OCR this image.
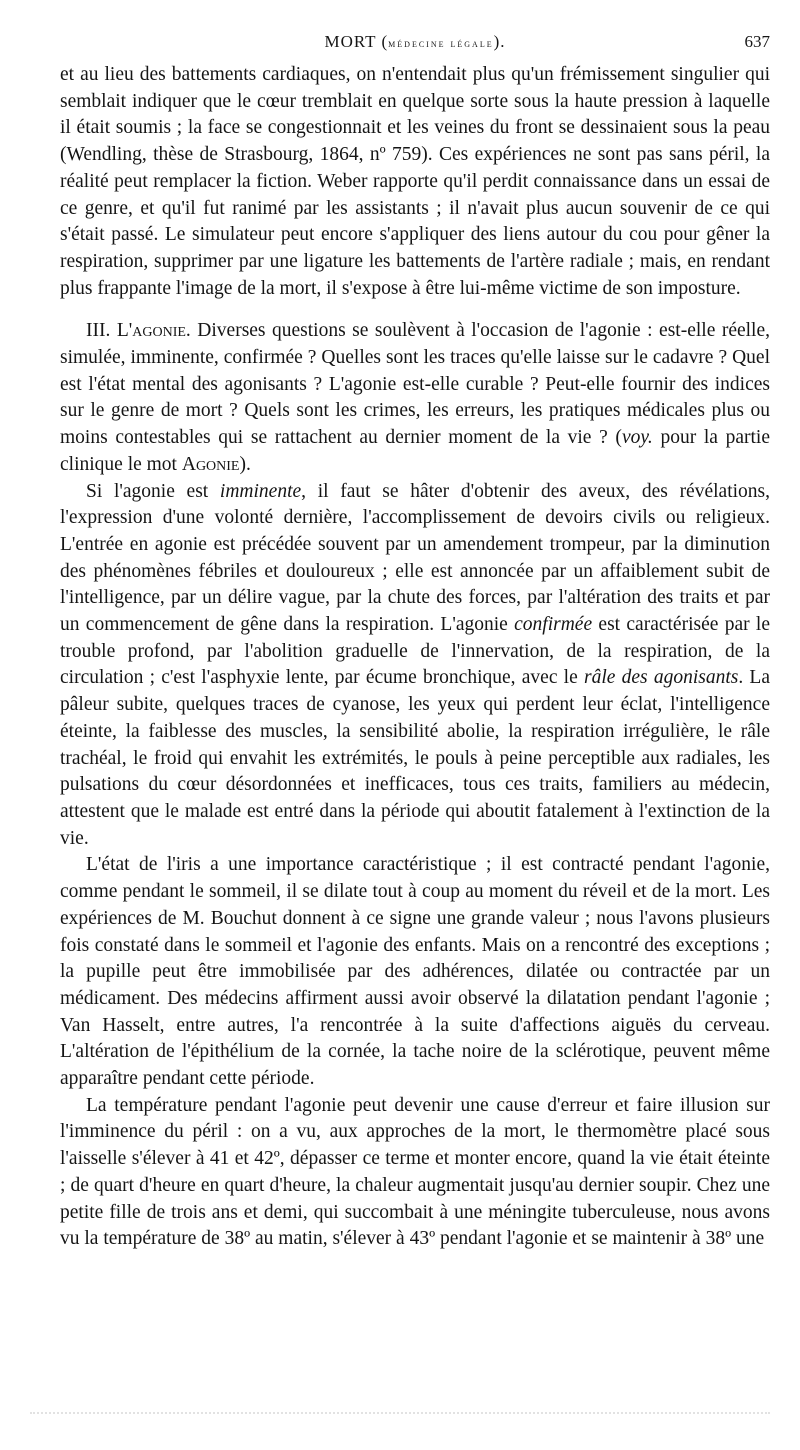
MORT (médecine légale).	637

et au lieu des battements cardiaques, on n'entendait plus qu'un frémissement singulier qui semblait indiquer que le cœur tremblait en quelque sorte sous la haute pression à laquelle il était soumis ; la face se congestionnait et les veines du front se dessinaient sous la peau (Wendling, thèse de Strasbourg, 1864, nº 759). Ces expériences ne sont pas sans péril, la réalité peut remplacer la fiction. Weber rapporte qu'il perdit connaissance dans un essai de ce genre, et qu'il fut ranimé par les assistants ; il n'avait plus aucun souvenir de ce qui s'était passé. Le simulateur peut encore s'appliquer des liens autour du cou pour gêner la respiration, supprimer par une ligature les battements de l'artère radiale ; mais, en rendant plus frappante l'image de la mort, il s'expose à être lui-même victime de son imposture.

III. L'agonie. Diverses questions se soulèvent à l'occasion de l'agonie : est-elle réelle, simulée, imminente, confirmée ? Quelles sont les traces qu'elle laisse sur le cadavre ? Quel est l'état mental des agonisants ? L'agonie est-elle curable ? Peut-elle fournir des indices sur le genre de mort ? Quels sont les crimes, les erreurs, les pratiques médicales plus ou moins contestables qui se rattachent au dernier moment de la vie ? (voy. pour la partie clinique le mot Agonie).

Si l'agonie est imminente, il faut se hâter d'obtenir des aveux, des révélations, l'expression d'une volonté dernière, l'accomplissement de devoirs civils ou religieux. L'entrée en agonie est précédée souvent par un amendement trompeur, par la diminution des phénomènes fébriles et douloureux ; elle est annoncée par un affaiblement subit de l'intelligence, par un délire vague, par la chute des forces, par l'altération des traits et par un commencement de gêne dans la respiration. L'agonie confirmée est caractérisée par le trouble profond, par l'abolition graduelle de l'innervation, de la respiration, de la circulation ; c'est l'asphyxie lente, par écume bronchique, avec le râle des agonisants. La pâleur subite, quelques traces de cyanose, les yeux qui perdent leur éclat, l'intelligence éteinte, la faiblesse des muscles, la sensibilité abolie, la respiration irrégulière, le râle trachéal, le froid qui envahit les extrémités, le pouls à peine perceptible aux radiales, les pulsations du cœur désordonnées et inefficaces, tous ces traits, familiers au médecin, attestent que le malade est entré dans la période qui aboutit fatalement à l'extinction de la vie.

L'état de l'iris a une importance caractéristique ; il est contracté pendant l'agonie, comme pendant le sommeil, il se dilate tout à coup au moment du réveil et de la mort. Les expériences de M. Bouchut donnent à ce signe une grande valeur ; nous l'avons plusieurs fois constaté dans le sommeil et l'agonie des enfants. Mais on a rencontré des exceptions ; la pupille peut être immobilisée par des adhérences, dilatée ou contractée par un médicament. Des médecins affirment aussi avoir observé la dilatation pendant l'agonie ; Van Hasselt, entre autres, l'a rencontrée à la suite d'affections aiguës du cerveau. L'altération de l'épithélium de la cornée, la tache noire de la sclérotique, peuvent même apparaître pendant cette période.

La température pendant l'agonie peut devenir une cause d'erreur et faire illusion sur l'imminence du péril : on a vu, aux approches de la mort, le thermomètre placé sous l'aisselle s'élever à 41 et 42º, dépasser ce terme et monter encore, quand la vie était éteinte ; de quart d'heure en quart d'heure, la chaleur augmentait jusqu'au dernier soupir. Chez une petite fille de trois ans et demi, qui succombait à une méningite tuberculeuse, nous avons vu la température de 38º au matin, s'élever à 43º pendant l'agonie et se maintenir à 38º une
